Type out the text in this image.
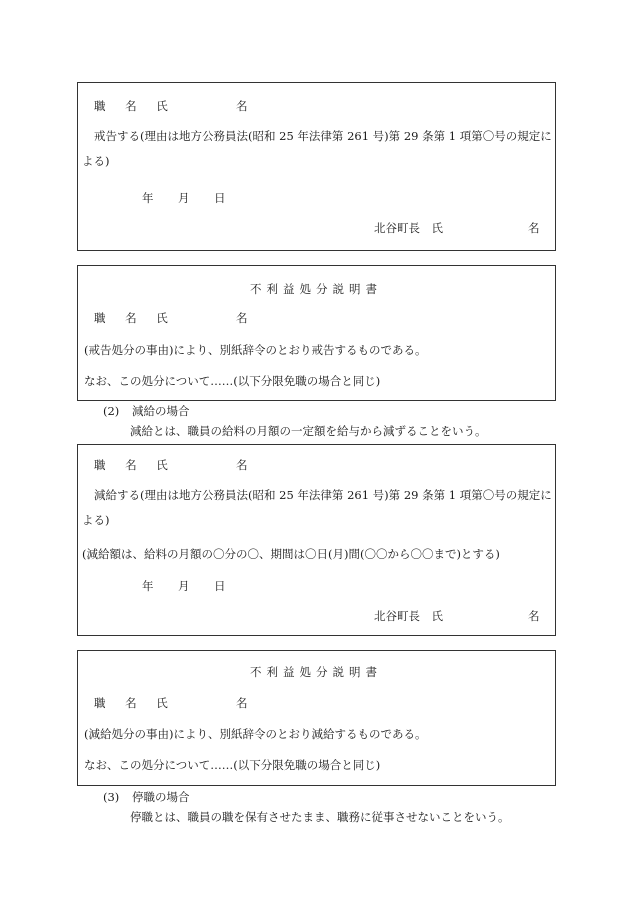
職 名 氏	名
戒告する(理由は地方公務員法(昭和 25 年法律第 261 号)第 29 条第 1 項第〇号の規定に
よる)
年 月 日
北谷町長　氏	名
不利益処分説明書
職 名 氏	名
(戒告処分の事由)により、別紙辞令のとおり戒告するものである。
なお、この処分について……(以下分限免職の場合と同じ)
(2) 減給の場合
減給とは、職員の給料の月額の一定額を給与から減ずることをいう。
職 名 氏	名
減給する(理由は地方公務員法(昭和 25 年法律第 261 号)第 29 条第 1 項第〇号の規定に
よる)
(減給額は、給料の月額の〇分の〇、期間は〇日(月)間(〇〇から〇〇まで)とする)
年 月 日
北谷町長　氏	名
不利益処分説明書
職 名 氏	名
(減給処分の事由)により、別紙辞令のとおり減給するものである。
なお、この処分について……(以下分限免職の場合と同じ)
(3) 停職の場合
停職とは、職員の職を保有させたまま、職務に従事させないことをいう。
